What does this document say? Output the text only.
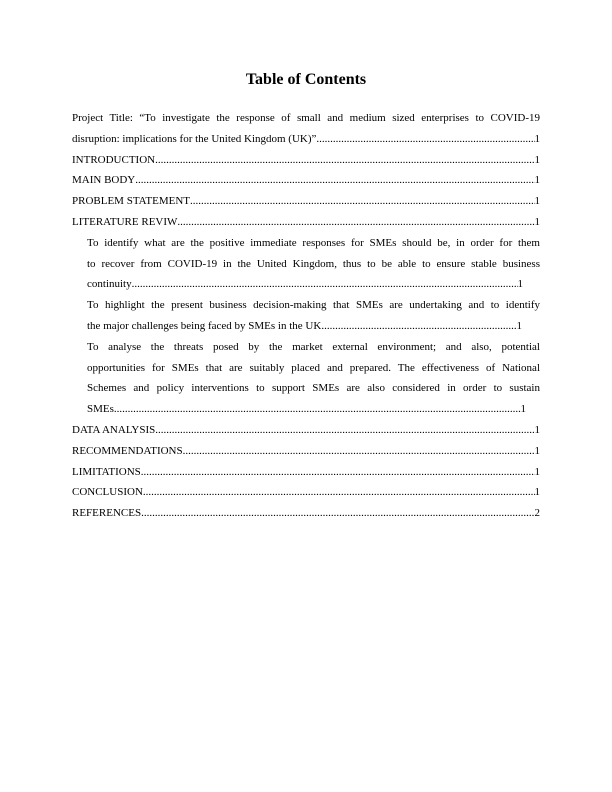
Table of Contents
Project Title: “To investigate the response of small and medium sized enterprises to COVID-19
disruption: implications for the United Kingdom (UK)” .....	1
INTRODUCTION .....	1
MAIN BODY .....	1
PROBLEM STATEMENT .....	1
LITERATURE REVIW .....	1
To identify what are the positive immediate responses for SMEs should be, in order for them
to recover from COVID-19 in the United Kingdom, thus to be able to ensure stable business
continuity .....	1
To highlight the present business decision-making that SMEs are undertaking and to identify
the major challenges being faced by SMEs in the UK .....	1
To analyse the threats posed by the market external environment; and also, potential
opportunities for SMEs that are suitably placed and prepared. The effectiveness of National
Schemes and policy interventions to support SMEs are also considered in order to sustain
SMEs .....	1
DATA ANALYSIS .....	1
RECOMMENDATIONS .....	1
LIMITATIONS .....	1
CONCLUSION .....	1
REFERENCES .....	2
